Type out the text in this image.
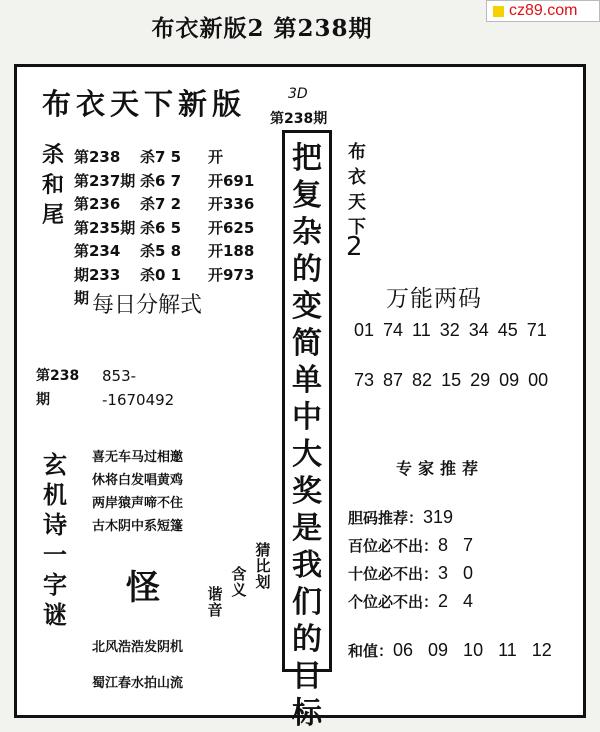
布衣新版2 第238期
cz89.com
布衣天下新版	3D
第238期
杀
和
尾
第238 杀7 5 开
第237期 杀6 7 开691
第236 杀7 2 开336
第235期 杀6 5 开625
第234 杀5 8 开188
期233 杀0 1 开973
期 每日分解式
第238
期
853-
-1670492
玄
机
诗
一
字
谜
喜无车马过相邀
休将白发唱黄鸡
两岸猿声啼不住
古木阴中系短篷
怪	谐
音
含
义
猜
比
划
北风浩浩发阴机
蜀江春水拍山流
把
复
杂
的
变
简
单
中
大
奖
是
我
们
的
目
标
布
衣
天
下
2
万能两码
01 74 11 32 34 45 71
73 87 82 15 29 09 00
专家推荐
胆码推荐：319
百位必不出：8 7
十位必不出：3 0
个位必不出：2 4
和值：06 09 10 11 12
